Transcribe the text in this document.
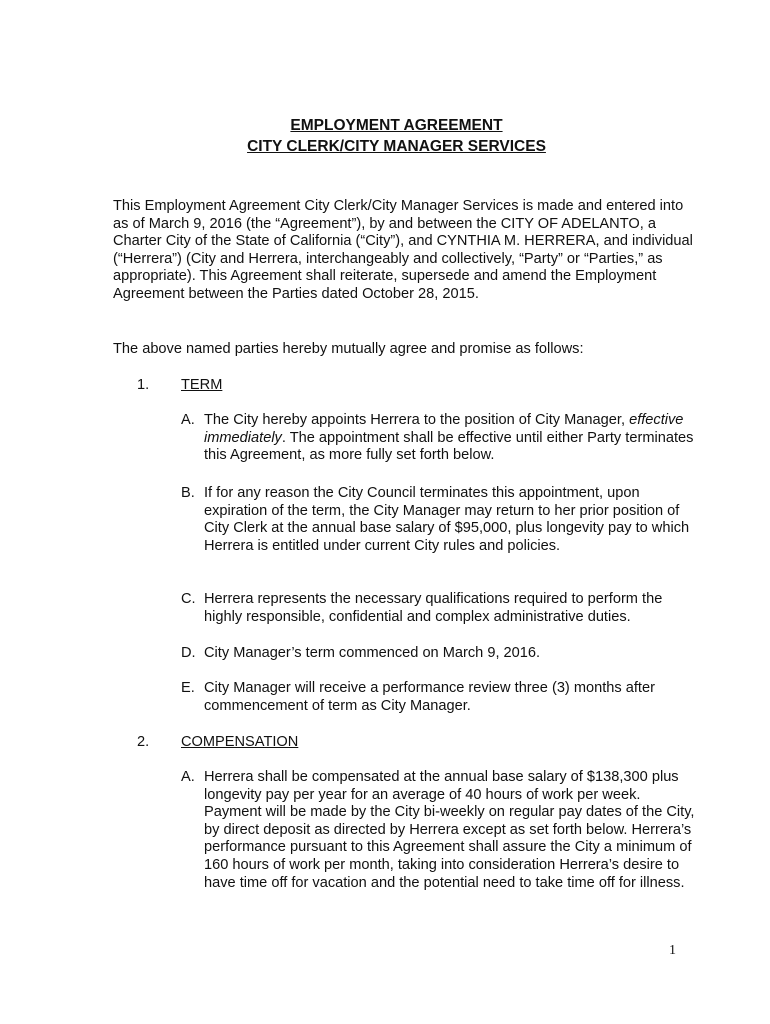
EMPLOYMENT AGREEMENT
CITY CLERK/CITY MANAGER SERVICES

This Employment Agreement City Clerk/City Manager Services is made and entered into as of March 9, 2016 (the “Agreement”), by and between the CITY OF ADELANTO, a Charter City of the State of California (“City”), and CYNTHIA M. HERRERA, and individual (“Herrera”) (City and Herrera, interchangeably and collectively, “Party” or “Parties,” as appropriate). This Agreement shall reiterate, supersede and amend the Employment Agreement between the Parties dated October 28, 2015.

The above named parties hereby mutually agree and promise as follows:

1.	TERM
A. The City hereby appoints Herrera to the position of City Manager, effective immediately. The appointment shall be effective until either Party terminates this Agreement, as more fully set forth below.
B. If for any reason the City Council terminates this appointment, upon expiration of the term, the City Manager may return to her prior position of City Clerk at the annual base salary of $95,000, plus longevity pay to which Herrera is entitled under current City rules and policies.
C. Herrera represents the necessary qualifications required to perform the highly responsible, confidential and complex administrative duties.
D. City Manager’s term commenced on March 9, 2016.
E. City Manager will receive a performance review three (3) months after commencement of term as City Manager.
2.	COMPENSATION
A. Herrera shall be compensated at the annual base salary of $138,300 plus longevity pay per year for an average of 40 hours of work per week. Payment will be made by the City bi-weekly on regular pay dates of the City, by direct deposit as directed by Herrera except as set forth below. Herrera’s performance pursuant to this Agreement shall assure the City a minimum of 160 hours of work per month, taking into consideration Herrera’s desire to have time off for vacation and the potential need to take time off for illness.
1
